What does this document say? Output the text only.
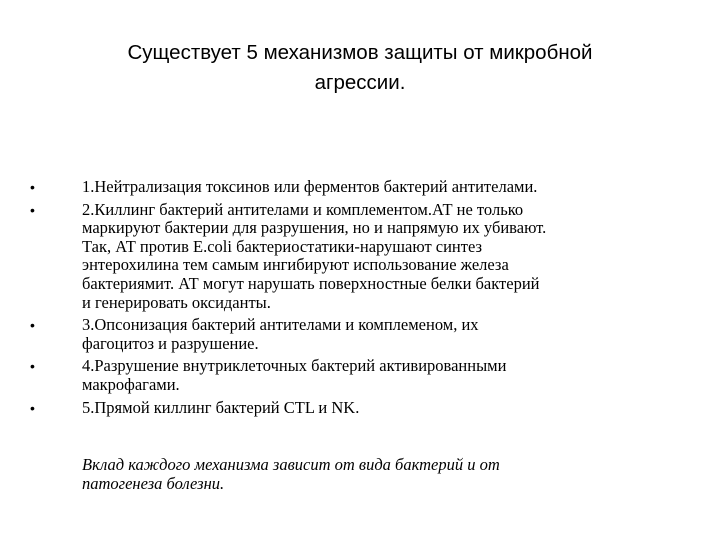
Существует 5 механизмов защиты от микробной
агрессии.
•	1.Нейтрализация токсинов или ферментов бактерий антителами.
•	2.Киллинг бактерий антителами и комплементом.АТ не только
маркируют бактерии для разрушения, но и напрямую их убивают.
Так, АТ против E.coli бактериостатики-нарушают синтез
энтерохилина тем самым ингибируют использование железа
бактериямит. АТ могут нарушать поверхностные белки бактерий
и генерировать оксиданты.
•	3.Опсонизация бактерий антителами и комплеменом, их
фагоцитоз и разрушение.
•	4.Разрушение внутриклеточных бактерий активированными
макрофагами.
•	5.Прямой киллинг бактерий CTL и NK.
Вклад каждого механизма зависит от вида бактерий и от
патогенеза болезни.
